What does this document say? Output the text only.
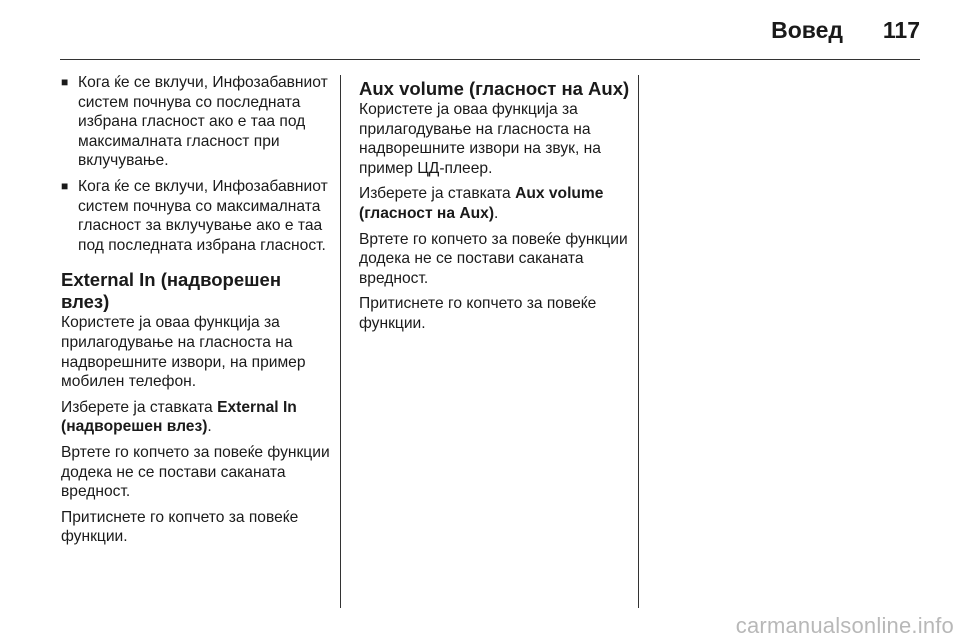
Вовед 117
■ Кога ќе се вклучи, Инфозабавниот систем почнува со последната избрана гласност ако е таа под максималната гласност при вклучување.
■ Кога ќе се вклучи, Инфозабавниот систем почнува со максималната гласност за вклучување ако е таа под последната избрана гласност.
External In (надворешен влез)

Користете ја оваа функција за прилагодување на гласноста на надворешните извори, на пример мобилен телефон.

Изберете ја ставката External In (надворешен влез).

Вртете го копчето за повеќе функции додека не се постави саканата вредност.

Притиснете го копчето за повеќе функции.

Aux volume (гласност на Aux)

Користете ја оваа функција за прилагодување на гласноста на надворешните извори на звук, на пример ЦД-плеер.

Изберете ја ставката Aux volume (гласност на Aux).

Вртете го копчето за повеќе функции додека не се постави саканата вредност.

Притиснете го копчето за повеќе функции.

carmanualsonline.info
